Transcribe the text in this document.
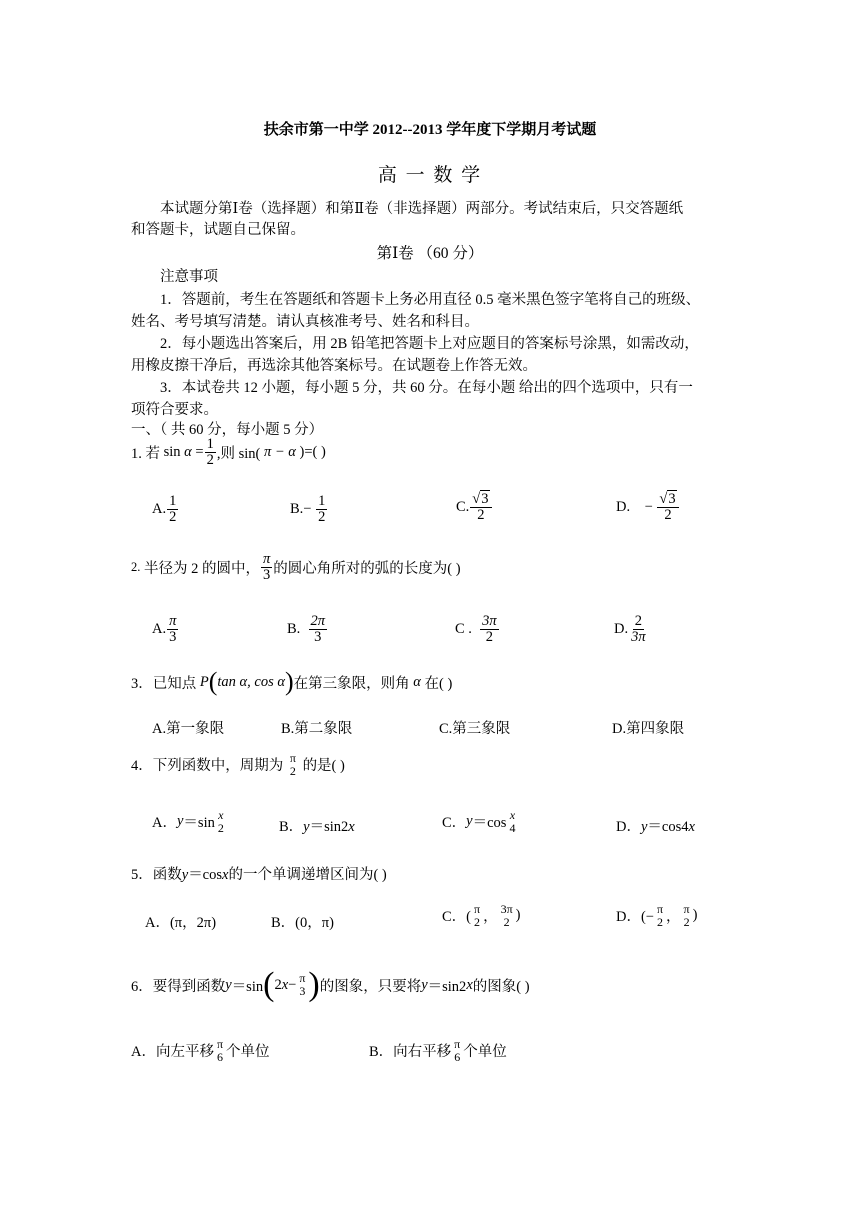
扶余市第一中学 2012--2013 学年度下学期月考试题
高 一 数 学
本试题分第Ⅰ卷（选择题）和第Ⅱ卷（非选择题）两部分。考试结束后，只交答题纸
和答题卡，试题自己保留。
第Ⅰ卷 （60 分）
注意事项
1．答题前，考生在答题纸和答题卡上务必用直径 0.5 毫米黑色签字笔将自己的班级、
姓名、考号填写清楚。请认真核准考号、姓名和科目。
2．每小题选出答案后，用 2B 铅笔把答题卡上对应题目的答案标号涂黑，如需改动，
用橡皮擦干净后，再选涂其他答案标号。在试题卷上作答无效。
3．本试卷共 12 小题，每小题 5 分，共 60 分。在每小题 给出的四个选项中，只有一
项符合要求。
一、（ 共 60 分，每小题 5 分）
1. 若
sin
α
= $\frac{1}{2}$ ,则 sin(
π − α
)=( )
A. $\frac{1}{2}$	B. −
$\frac{1}{2}$	C. $\frac{√3}{2}$	D.
−
$\frac{√3}{2}$
2.
半径为 2 的圆中， $\frac{\pi}{3}$ 的圆心角所对的弧的长度为( )
A. $\frac{\pi}{3}$	B.
$\frac{2\pi}{3}$	C .
$\frac{3\pi}{2}$	D. $\frac{2}{3\pi}$
3．已知点
P ( tan α, cos α ) 在第三象限，则角
α
在( )
A.第一象限	B.第二象限	C.第三象限	D.第四象限
4．下列函数中，周期为

π
2
的是( )
A． y ＝sin
x
2	B．y＝sin2x	C． y ＝cos
x
4	D．y＝cos4x
5．函数y＝cosx的一个单调递增区间为( )
A．(π，2π)	B．(0，π)	C．(
π
2 ，
3π
2 )	D．(−
π
2 ，
π
2 )
6．要得到函数 y ＝sin ( 2 x − π
3 ) 的图象，只要将 y ＝sin2 x 的图象( )
A．向左平移
π
6 个单位	B．向右平移
π
6 个单位
